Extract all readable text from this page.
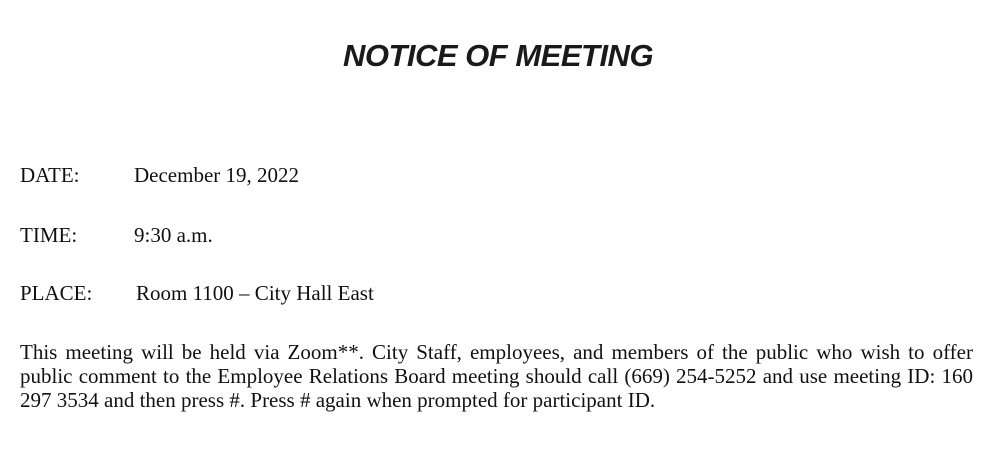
NOTICE OF MEETING
DATE:	December 19, 2022
TIME:	9:30 a.m.
PLACE: Room 1100 – City Hall East

This meeting will be held via Zoom**. City Staff, employees, and members of the public who wish to offer public comment to the Employee Relations Board meeting should call (669) 254-5252 and use meeting ID: 160 297 3534 and then press #. Press # again when prompted for participant ID.
